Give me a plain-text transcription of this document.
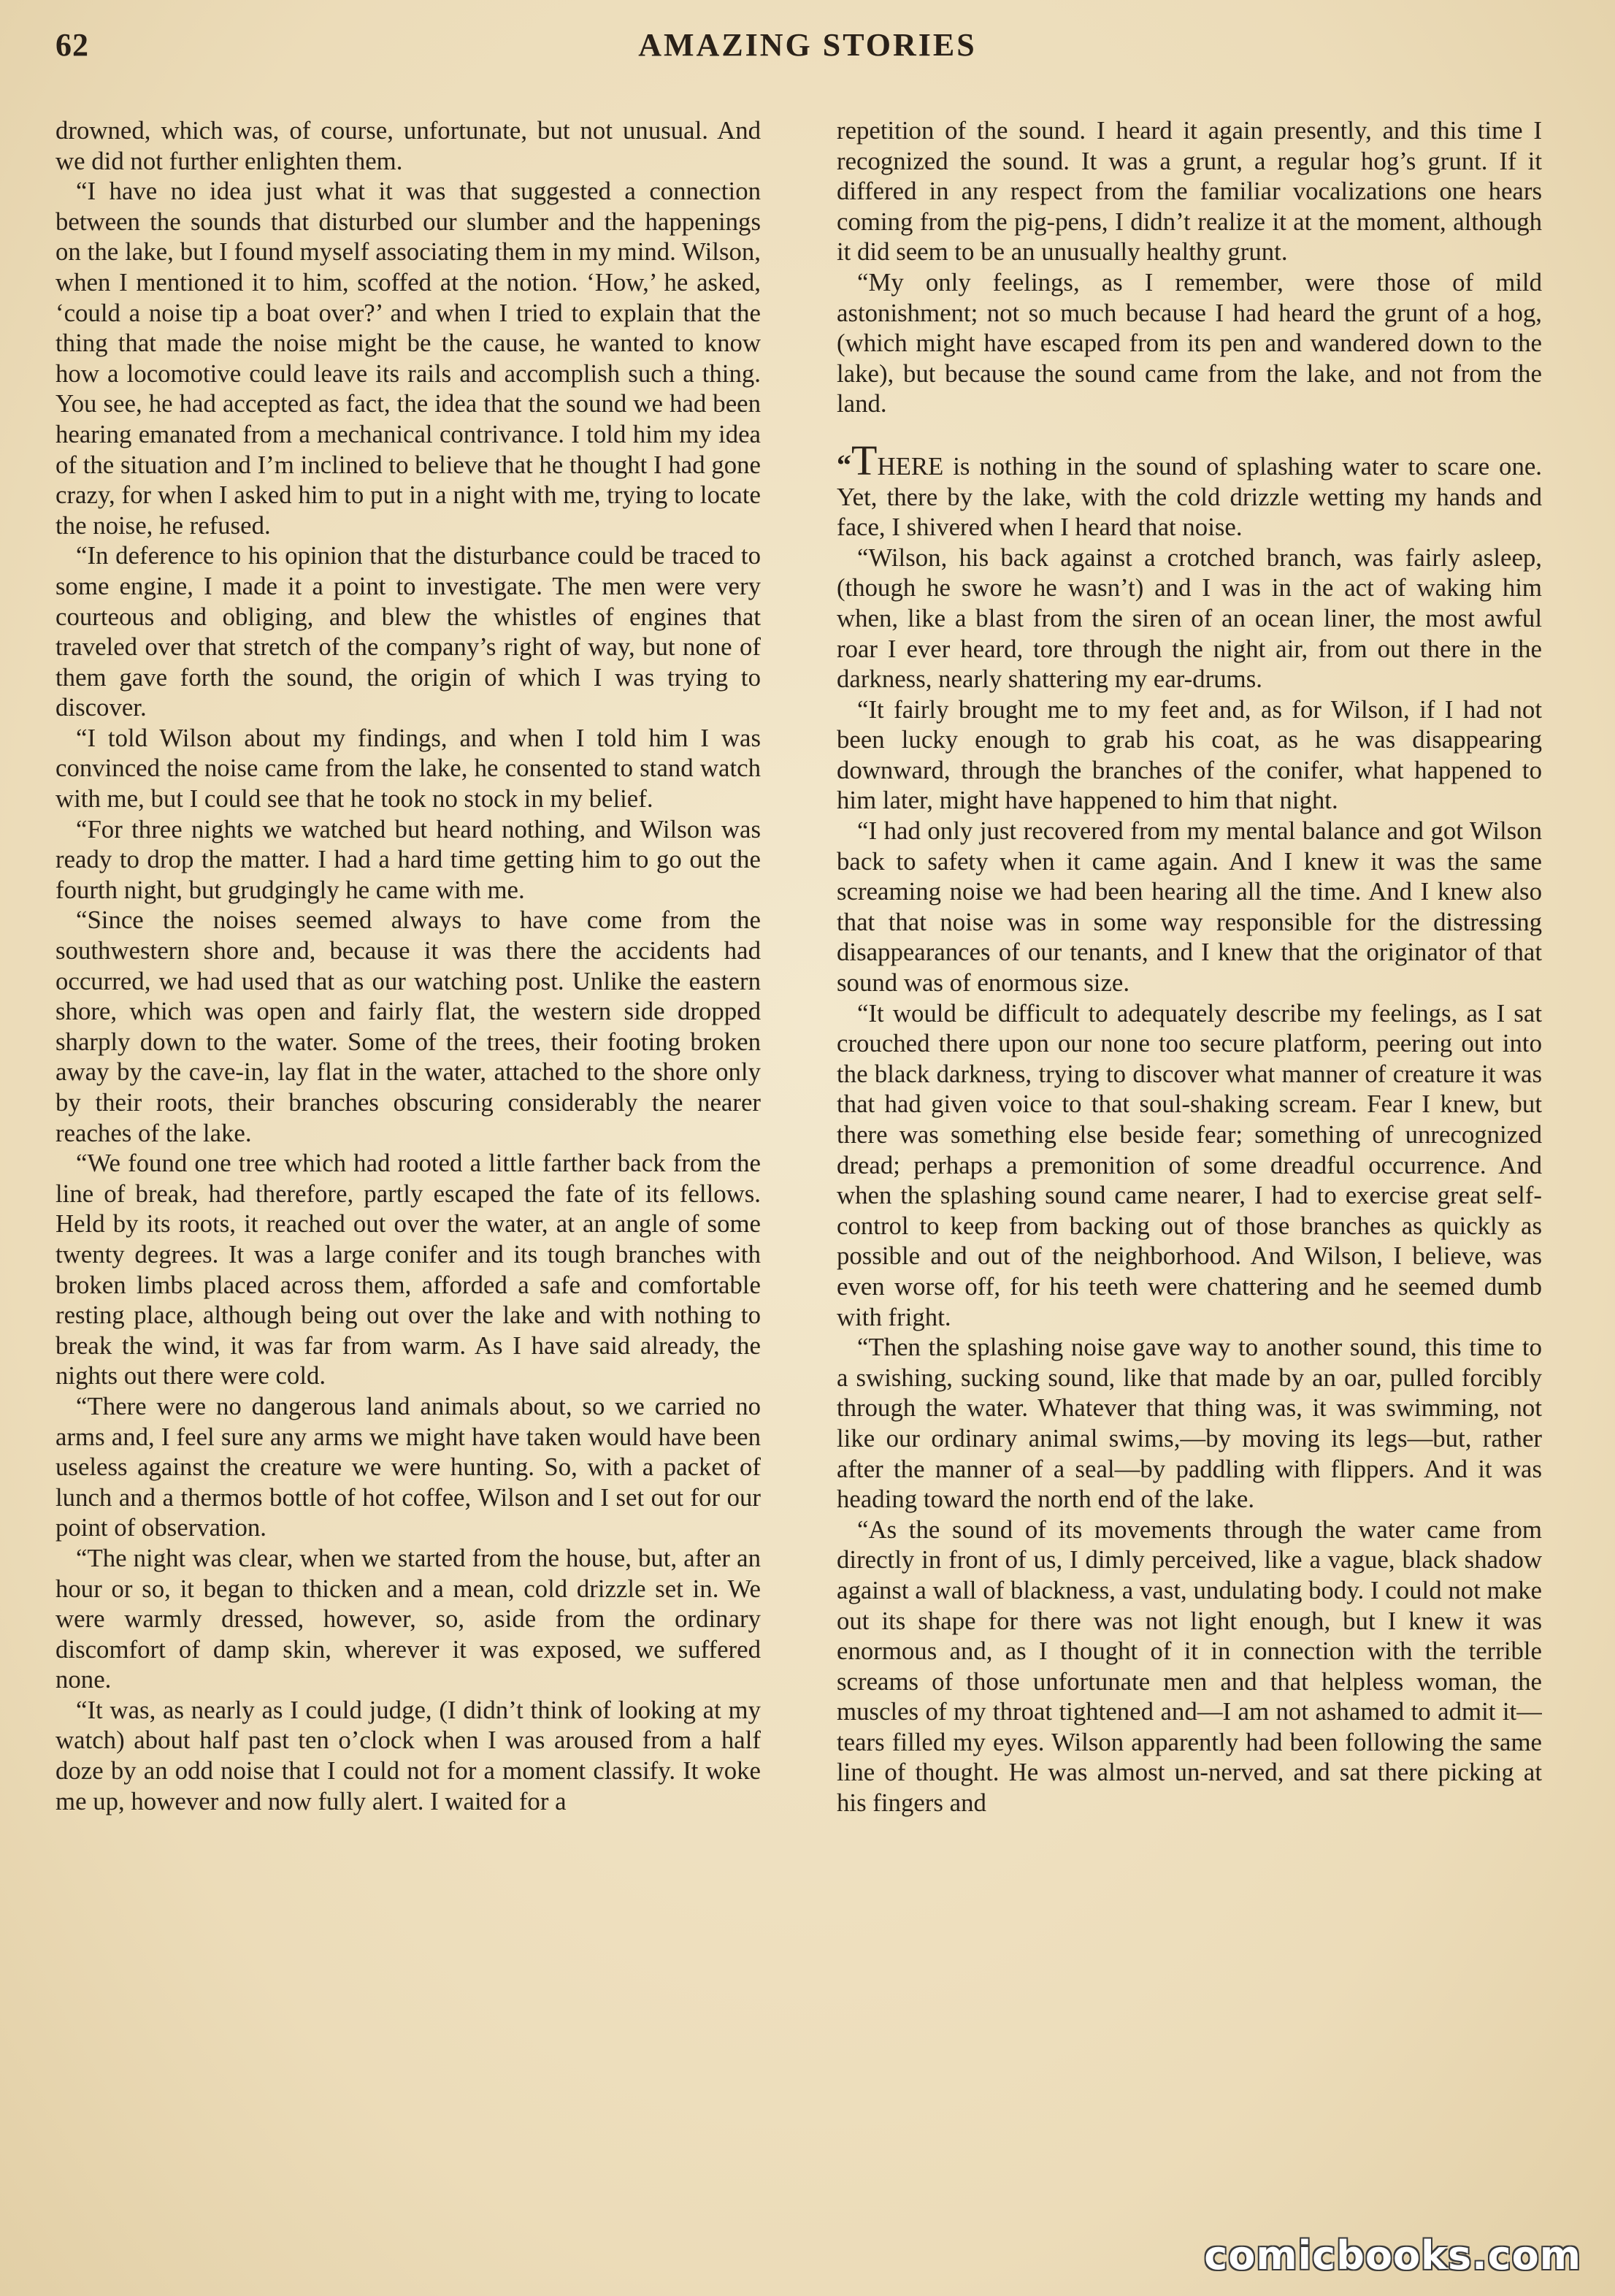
62	AMAZING STORIES

drowned, which was, of course, unfortunate, but not unusual. And we did not further enlighten them.

“I have no idea just what it was that suggested a connection between the sounds that disturbed our slumber and the happenings on the lake, but I found myself associating them in my mind. Wilson, when I mentioned it to him, scoffed at the notion. ‘How,’ he asked, ‘could a noise tip a boat over?’ and when I tried to explain that the thing that made the noise might be the cause, he wanted to know how a locomotive could leave its rails and accomplish such a thing. You see, he had accepted as fact, the idea that the sound we had been hearing emanated from a mechanical contrivance. I told him my idea of the situation and I’m inclined to believe that he thought I had gone crazy, for when I asked him to put in a night with me, trying to locate the noise, he refused.

“In deference to his opinion that the disturbance could be traced to some engine, I made it a point to investigate. The men were very courteous and obliging, and blew the whistles of engines that traveled over that stretch of the company’s right of way, but none of them gave forth the sound, the origin of which I was trying to discover.

“I told Wilson about my findings, and when I told him I was convinced the noise came from the lake, he consented to stand watch with me, but I could see that he took no stock in my belief.

“For three nights we watched but heard nothing, and Wilson was ready to drop the matter. I had a hard time getting him to go out the fourth night, but grudgingly he came with me.

“Since the noises seemed always to have come from the southwestern shore and, because it was there the accidents had occurred, we had used that as our watching post. Unlike the eastern shore, which was open and fairly flat, the western side dropped sharply down to the water. Some of the trees, their footing broken away by the cave-in, lay flat in the water, attached to the shore only by their roots, their branches obscuring considerably the nearer reaches of the lake.

“We found one tree which had rooted a little farther back from the line of break, had therefore, partly escaped the fate of its fellows. Held by its roots, it reached out over the water, at an angle of some twenty degrees. It was a large conifer and its tough branches with broken limbs placed across them, afforded a safe and comfortable resting place, although being out over the lake and with nothing to break the wind, it was far from warm. As I have said already, the nights out there were cold.

“There were no dangerous land animals about, so we carried no arms and, I feel sure any arms we might have taken would have been useless against the creature we were hunting. So, with a packet of lunch and a thermos bottle of hot coffee, Wilson and I set out for our point of observation.

“The night was clear, when we started from the house, but, after an hour or so, it began to thicken and a mean, cold drizzle set in. We were warmly dressed, however, so, aside from the ordinary discomfort of damp skin, wherever it was exposed, we suffered none.

“It was, as nearly as I could judge, (I didn’t think of looking at my watch) about half past ten o’clock when I was aroused from a half doze by an odd noise that I could not for a moment classify. It woke me up, however and now fully alert. I waited for a

repetition of the sound. I heard it again presently, and this time I recognized the sound. It was a grunt, a regular hog’s grunt. If it differed in any respect from the familiar vocalizations one hears coming from the pig-pens, I didn’t realize it at the moment, although it did seem to be an unusually healthy grunt.

“My only feelings, as I remember, were those of mild astonishment; not so much because I had heard the grunt of a hog, (which might have escaped from its pen and wandered down to the lake), but because the sound came from the lake, and not from the land.

“THERE is nothing in the sound of splashing water to scare one. Yet, there by the lake, with the cold drizzle wetting my hands and face, I shivered when I heard that noise.

“Wilson, his back against a crotched branch, was fairly asleep, (though he swore he wasn’t) and I was in the act of waking him when, like a blast from the siren of an ocean liner, the most awful roar I ever heard, tore through the night air, from out there in the darkness, nearly shattering my ear-drums.

“It fairly brought me to my feet and, as for Wilson, if I had not been lucky enough to grab his coat, as he was disappearing downward, through the branches of the conifer, what happened to him later, might have happened to him that night.

“I had only just recovered from my mental balance and got Wilson back to safety when it came again. And I knew it was the same screaming noise we had been hearing all the time. And I knew also that that noise was in some way responsible for the distressing disappearances of our tenants, and I knew that the originator of that sound was of enormous size.

“It would be difficult to adequately describe my feelings, as I sat crouched there upon our none too secure platform, peering out into the black darkness, trying to discover what manner of creature it was that had given voice to that soul-shaking scream. Fear I knew, but there was something else beside fear; something of unrecognized dread; perhaps a premonition of some dreadful occurrence. And when the splashing sound came nearer, I had to exercise great self-control to keep from backing out of those branches as quickly as possible and out of the neighborhood. And Wilson, I believe, was even worse off, for his teeth were chattering and he seemed dumb with fright.

“Then the splashing noise gave way to another sound, this time to a swishing, sucking sound, like that made by an oar, pulled forcibly through the water. Whatever that thing was, it was swimming, not like our ordinary animal swims,—by moving its legs—but, rather after the manner of a seal—by paddling with flippers. And it was heading toward the north end of the lake.

“As the sound of its movements through the water came from directly in front of us, I dimly perceived, like a vague, black shadow against a wall of blackness, a vast, undulating body. I could not make out its shape for there was not light enough, but I knew it was enormous and, as I thought of it in connection with the terrible screams of those unfortunate men and that helpless woman, the muscles of my throat tightened and—I am not ashamed to admit it—tears filled my eyes. Wilson apparently had been following the same line of thought. He was almost un-nerved, and sat there picking at his fingers and

comicbooks.com
